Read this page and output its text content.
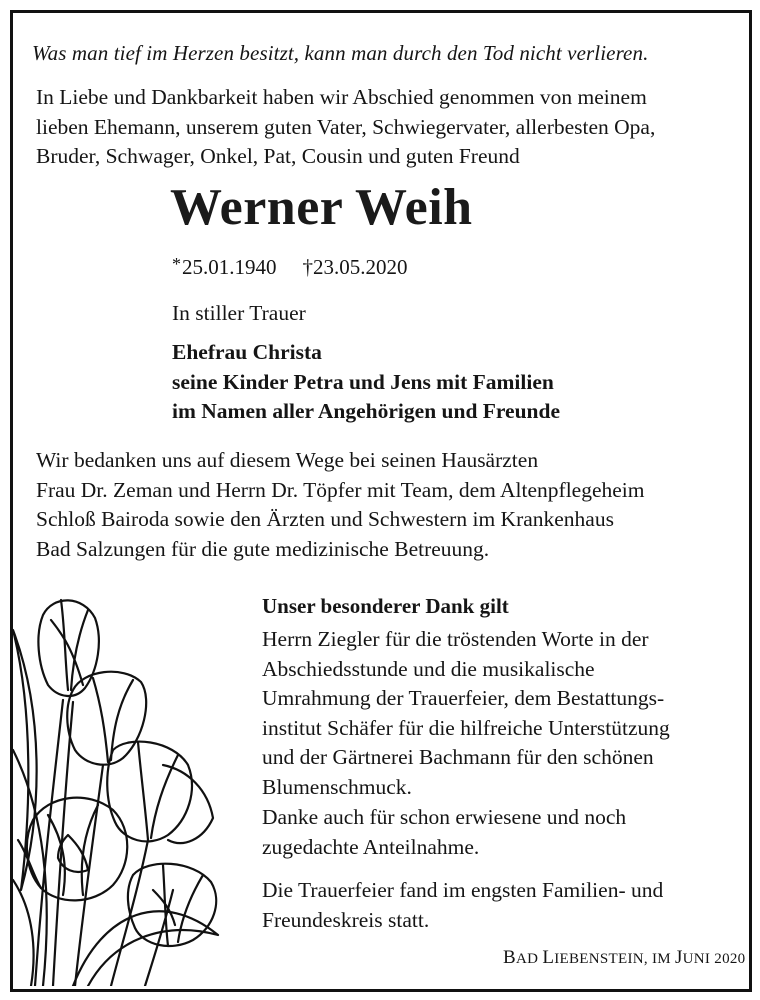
Was man tief im Herzen besitzt, kann man durch den Tod nicht verlieren.
In Liebe und Dankbarkeit haben wir Abschied genommen von meinem
lieben Ehemann, unserem guten Vater, Schwiegervater, allerbesten Opa,
Bruder, Schwager, Onkel, Pat, Cousin und guten Freund
Werner Weih
*25.01.1940 †23.05.2020
In stiller Trauer
Ehefrau Christa
seine Kinder Petra und Jens mit Familien
im Namen aller Angehörigen und Freunde
Wir bedanken uns auf diesem Wege bei seinen Hausärzten
Frau Dr. Zeman und Herrn Dr. Töpfer mit Team, dem Altenpflegeheim
Schloß Bairoda sowie den Ärzten und Schwestern im Krankenhaus
Bad Salzungen für die gute medizinische Betreuung.
Unser besonderer Dank gilt
Herrn Ziegler für die tröstenden Worte in der
Abschiedsstunde und die musikalische
Umrahmung der Trauerfeier, dem Bestattungs-
institut Schäfer für die hilfreiche Unterstützung
und der Gärtnerei Bachmann für den schönen
Blumenschmuck.
Danke auch für schon erwiesene und noch
zugedachte Anteilnahme.
Die Trauerfeier fand im engsten Familien- und
Freundeskreis statt.
BAD LIEBENSTEIN, IM JUNI 2020
